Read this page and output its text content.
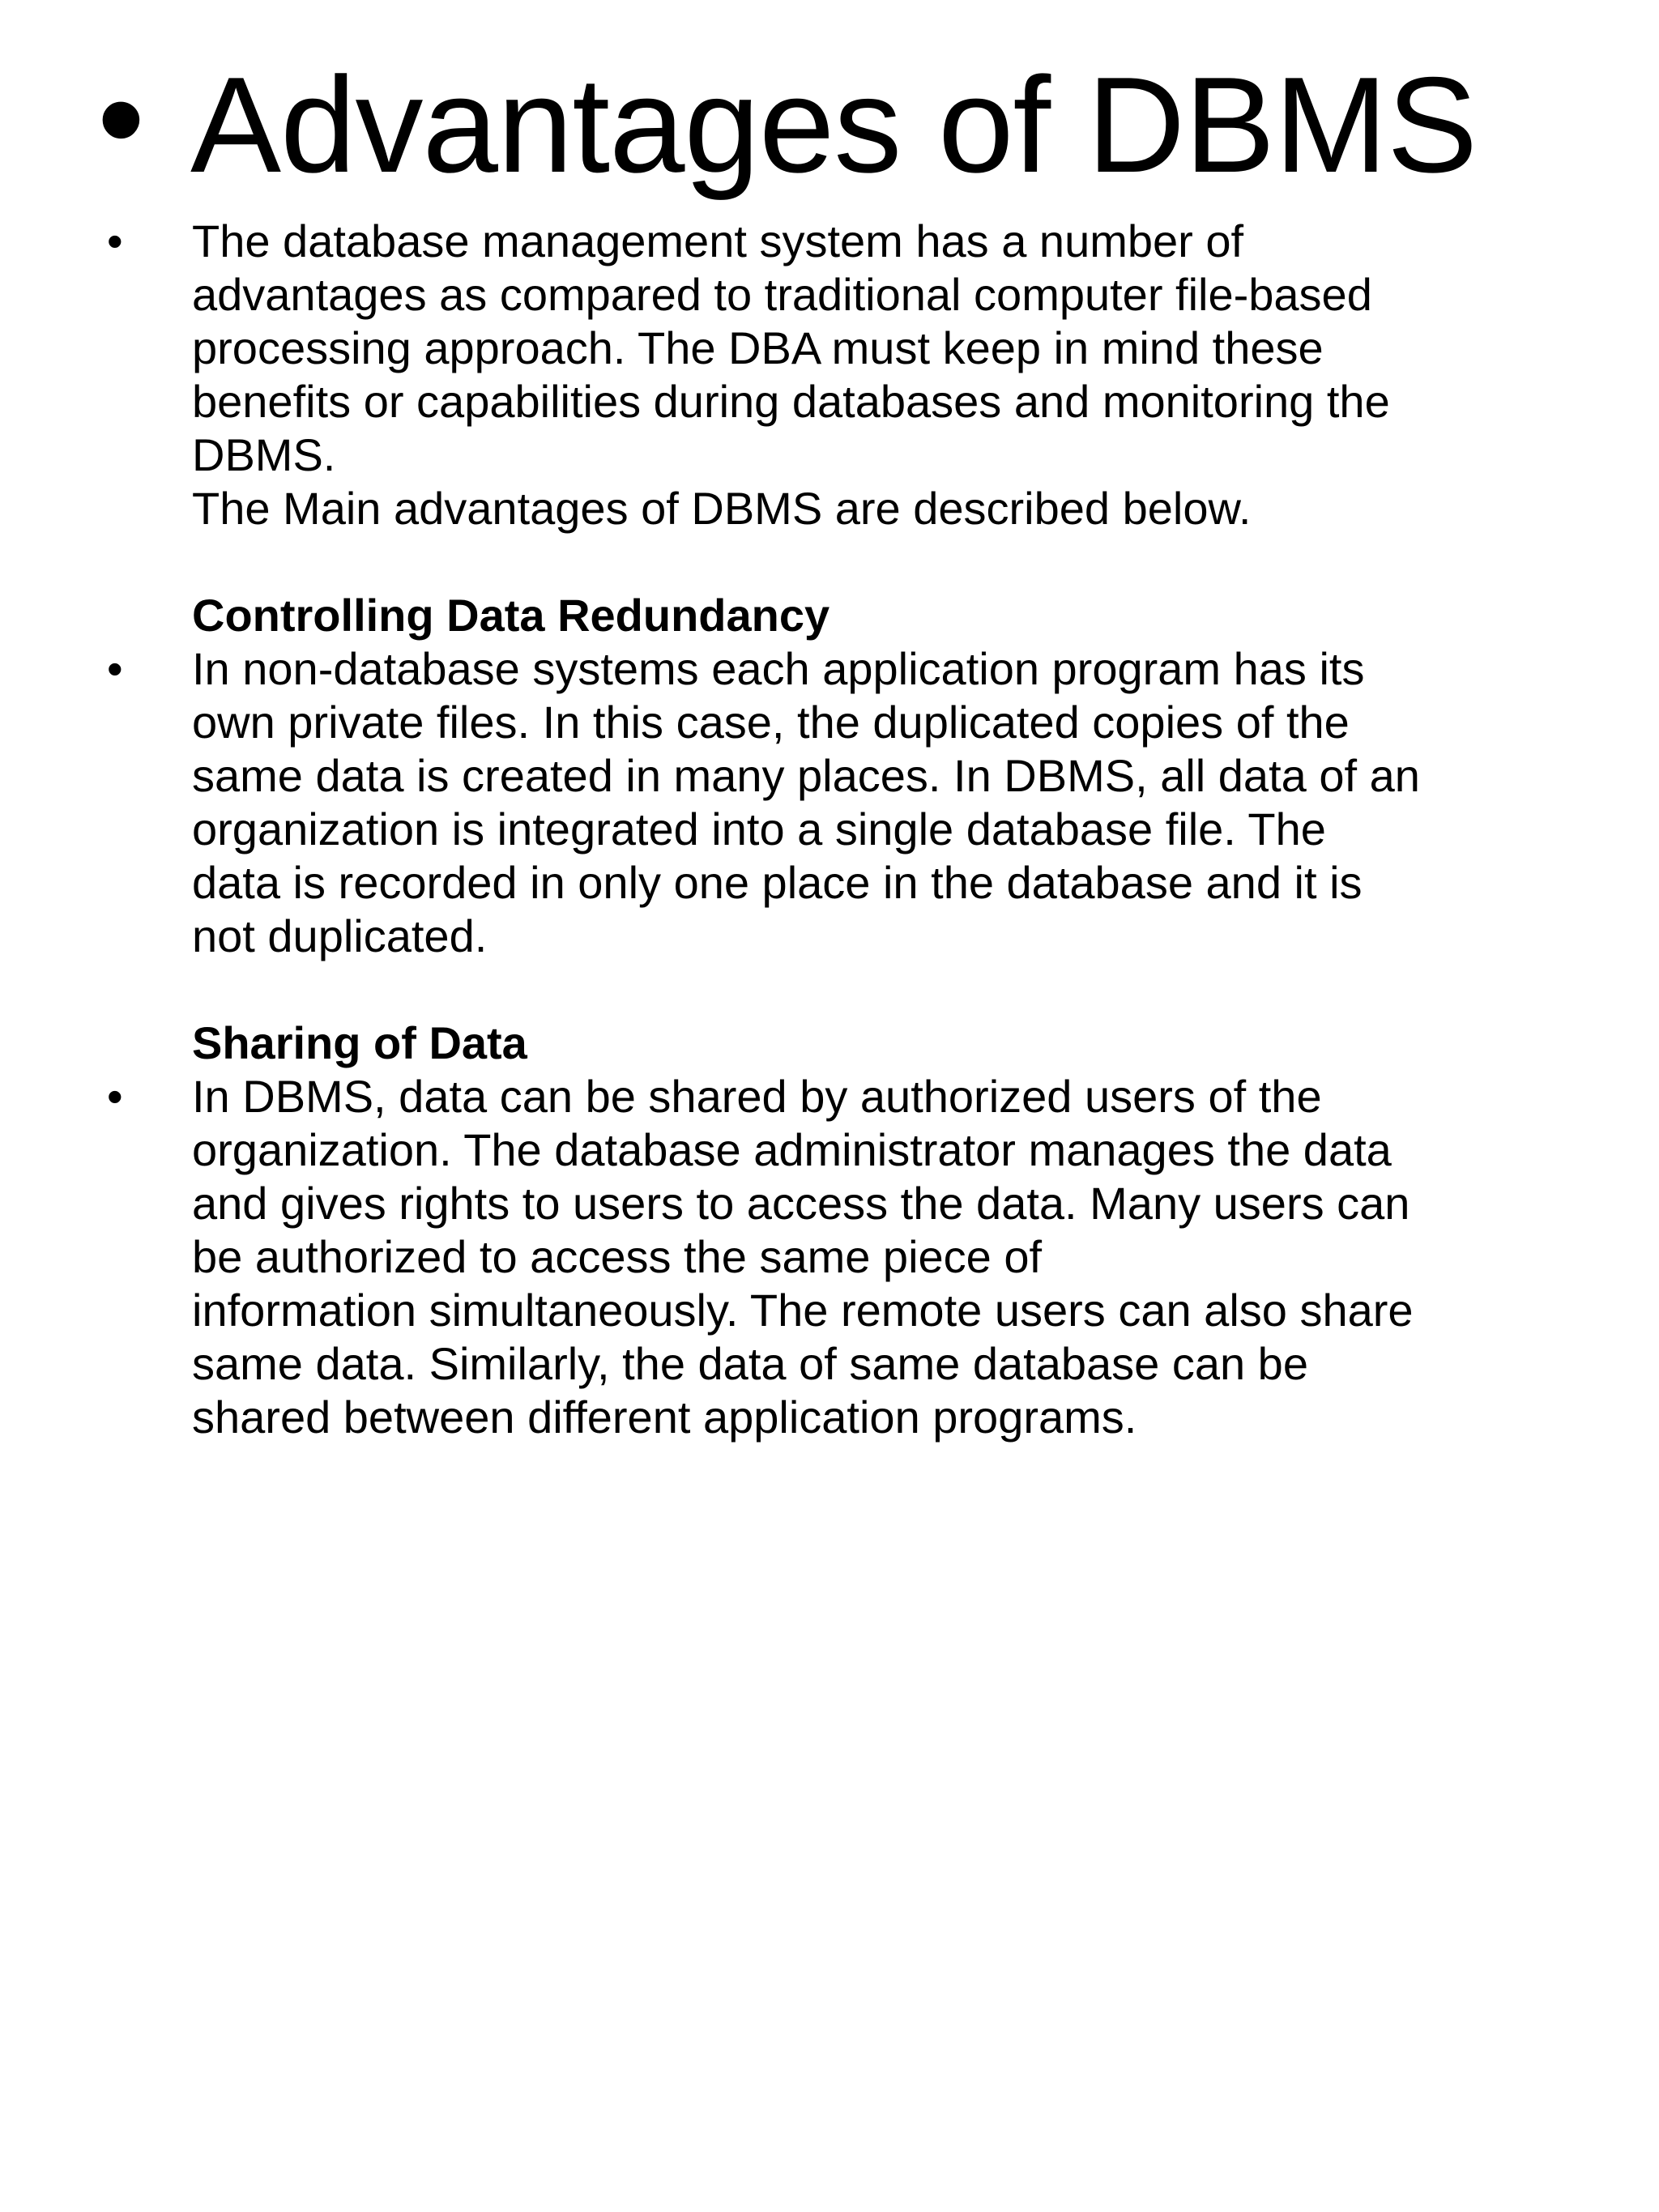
• Advantages of DBMS
•	The database management system has a number of
advantages as compared to traditional computer file-based
processing approach. The DBA must keep in mind these
benefits or capabilities during databases and monitoring the
DBMS.
The Main advantages of DBMS are described below.
Controlling Data Redundancy
•	In non-database systems each application program has its
own private files. In this case, the duplicated copies of the
same data is created in many places. In DBMS, all data of an
organization is integrated into a single database file. The
data is recorded in only one place in the database and it is
not duplicated.
Sharing of Data
•	In DBMS, data can be shared by authorized users of the
organization. The database administrator manages the data
and gives rights to users to access the data. Many users can
be authorized to access the same piece of
information simultaneously. The remote users can also share
same data. Similarly, the data of same database can be
shared between different application programs.
